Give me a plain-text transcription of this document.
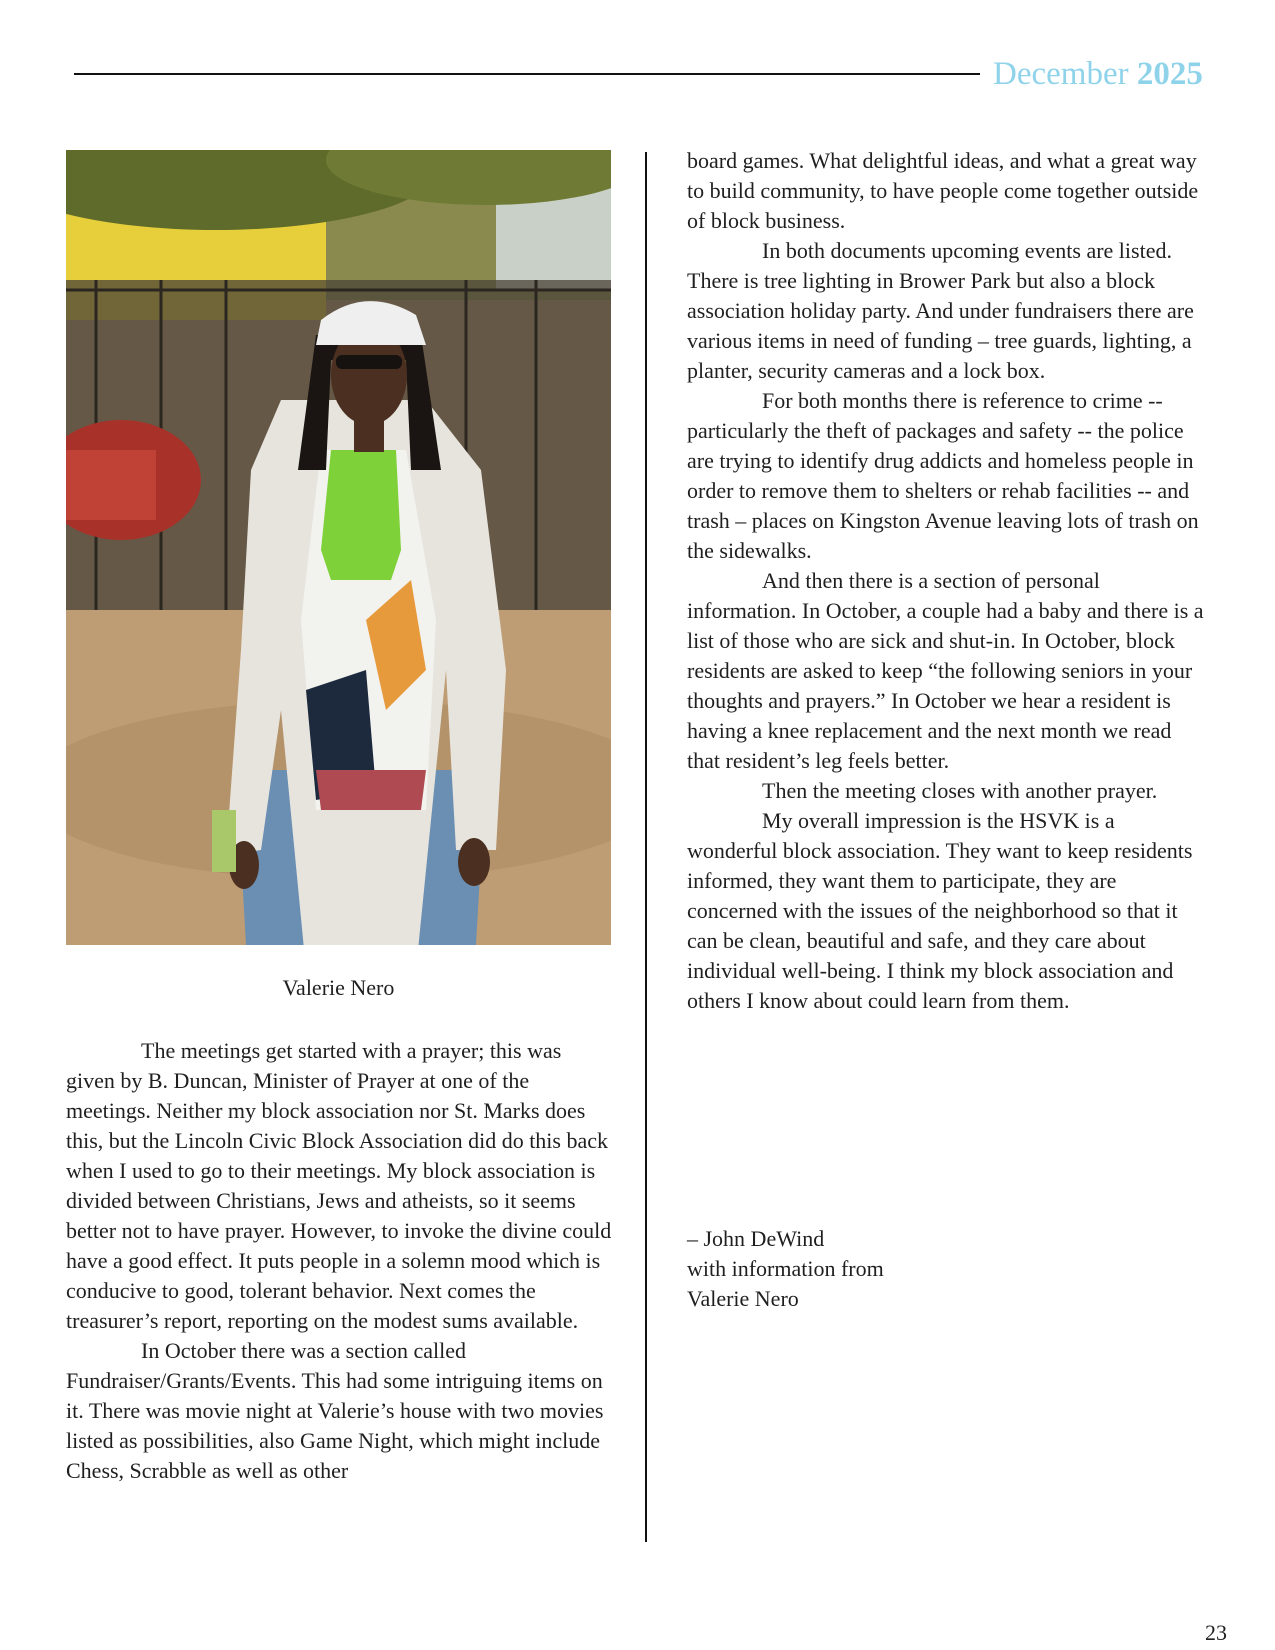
December 2025
Valerie Nero

The meetings get started with a prayer; this was given by B. Duncan, Minister of Prayer at one of the meetings. Neither my block association nor St. Marks does this, but the Lincoln Civic Block Association did do this back when I used to go to their meetings. My block association is divided between Christians, Jews and atheists, so it seems better not to have prayer. However, to invoke the divine could have a good effect. It puts people in a solemn mood which is conducive to good, tolerant behavior. Next comes the treasurer’s report, reporting on the modest sums available.

In October there was a section called Fundraiser/Grants/Events. This had some intriguing items on it. There was movie night at Valerie’s house with two movies listed as possibilities, also Game Night, which might include Chess, Scrabble as well as other

board games. What delightful ideas, and what a great way to build community, to have people come together outside of block business.

In both documents upcoming events are listed. There is tree lighting in Brower Park but also a block association holiday party. And under fundraisers there are various items in need of funding – tree guards, lighting, a planter, security cameras and a lock box.

For both months there is reference to crime -- particularly the theft of packages and safety -- the police are trying to identify drug addicts and homeless people in order to remove them to shelters or rehab facilities -- and trash – places on Kingston Avenue leaving lots of trash on the sidewalks.

And then there is a section of personal information. In October, a couple had a baby and there is a list of those who are sick and shut-in. In October, block residents are asked to keep “the following seniors in your thoughts and prayers.” In October we hear a resident is having a knee replacement and the next month we read that resident’s leg feels better.

Then the meeting closes with another prayer.

My overall impression is the HSVK is a wonderful block association. They want to keep residents informed, they want them to participate, they are concerned with the issues of the neighborhood so that it can be clean, beautiful and safe, and they care about individual well-being. I think my block association and others I know about could learn from them.

– John DeWind
with information from
Valerie Nero
23
